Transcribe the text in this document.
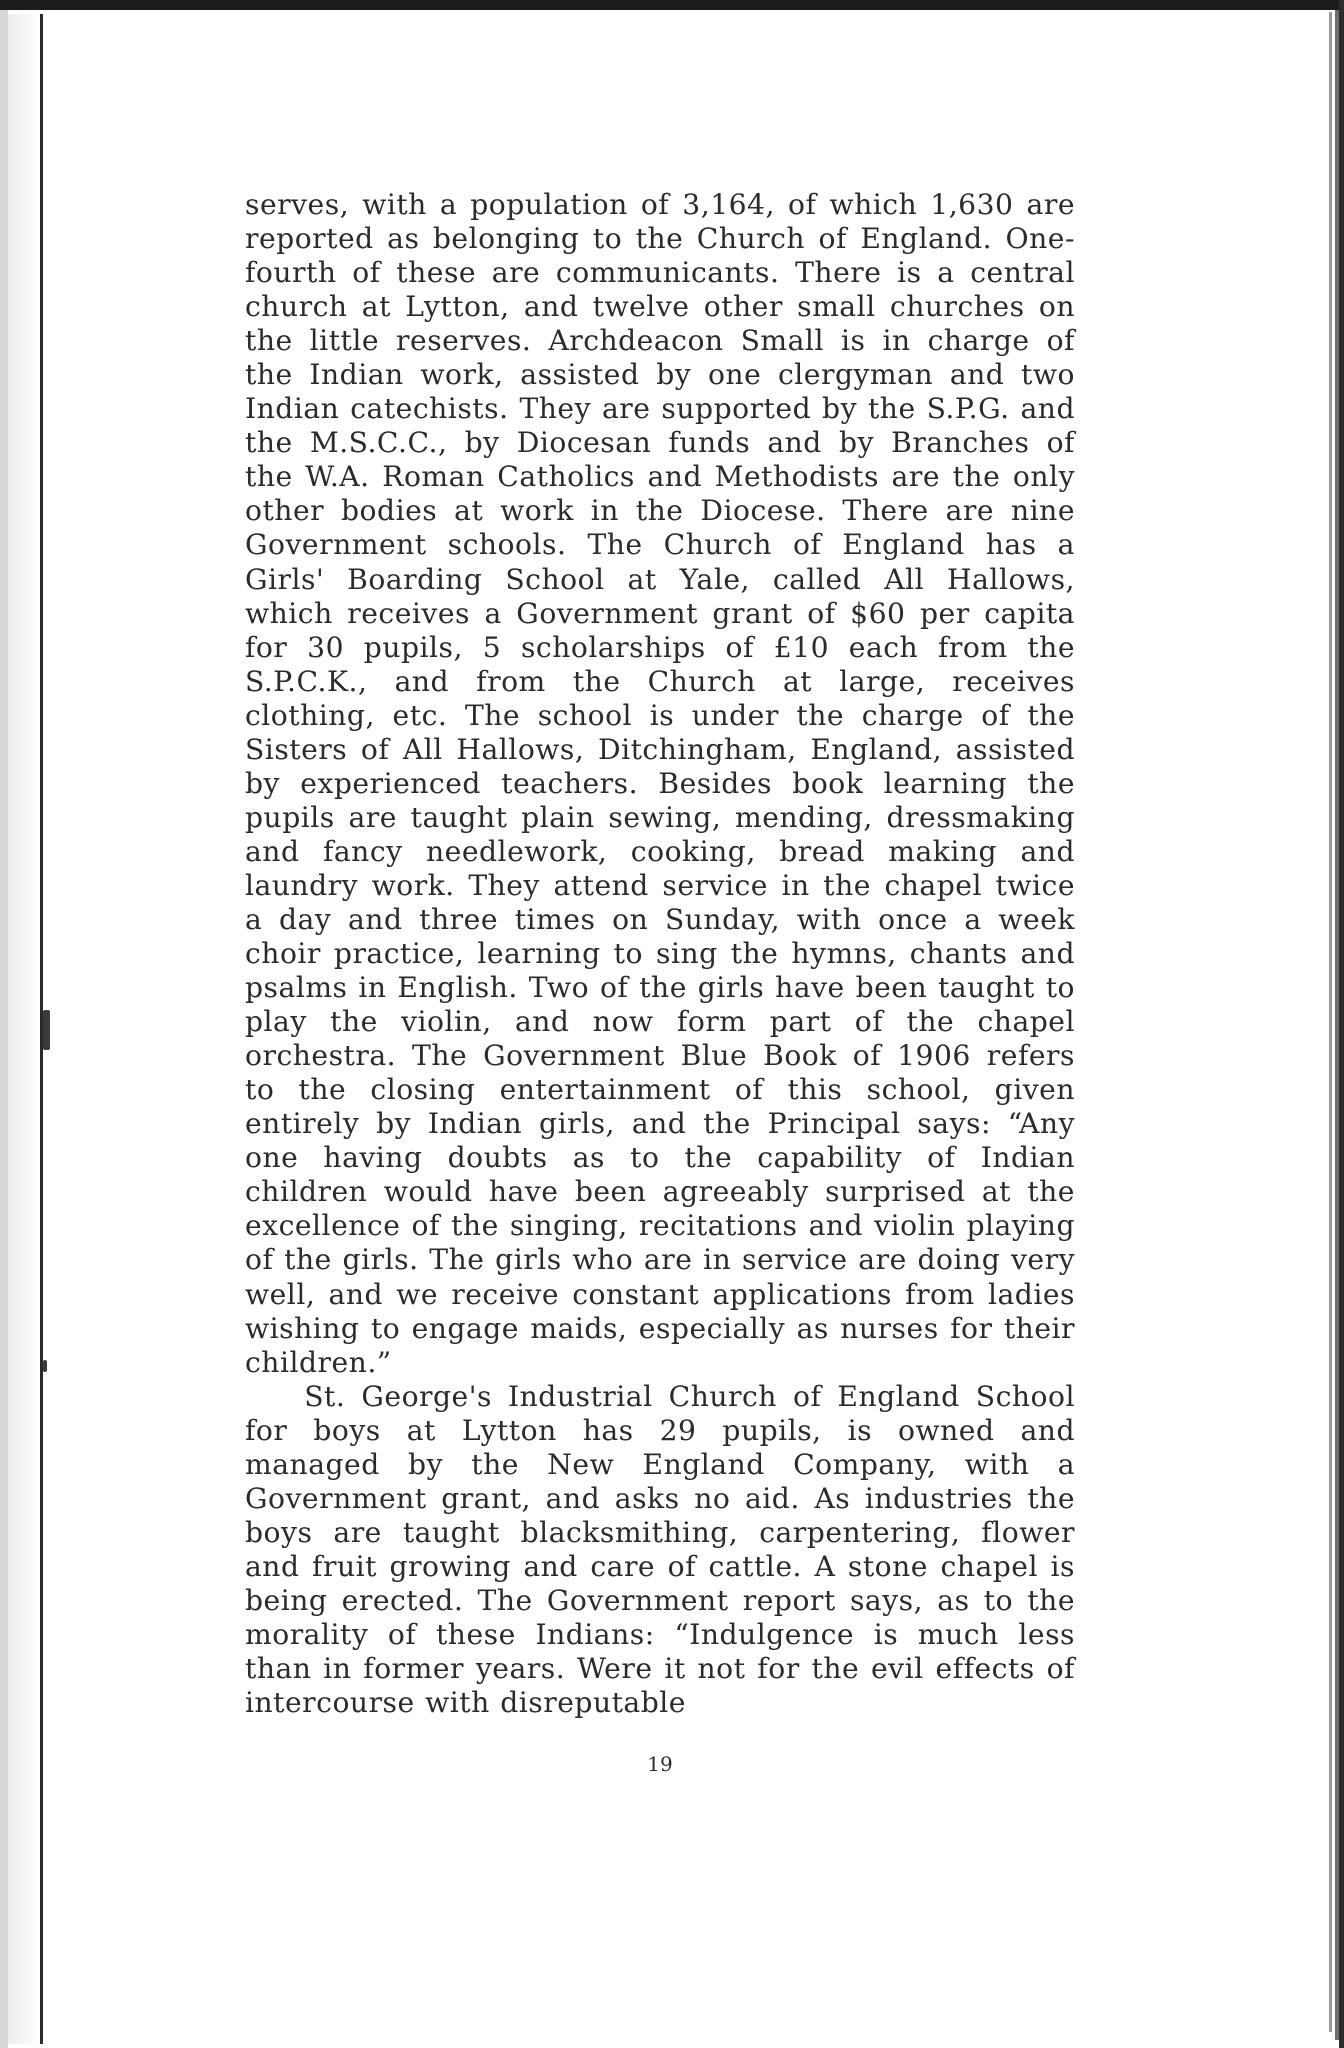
serves, with a population of 3,164, of which 1,630 are reported as belonging to the Church of England. One-fourth of these are communicants. There is a central church at Lytton, and twelve other small churches on the little reserves. Archdeacon Small is in charge of the Indian work, assisted by one clergyman and two Indian catechists. They are supported by the S.P.G. and the M.S.C.C., by Diocesan funds and by Branches of the W.A. Roman Catholics and Methodists are the only other bodies at work in the Diocese. There are nine Government schools. The Church of England has a Girls' Boarding School at Yale, called All Hallows, which receives a Government grant of $60 per capita for 30 pupils, 5 scholarships of £10 each from the S.P.C.K., and from the Church at large, receives clothing, etc. The school is under the charge of the Sisters of All Hallows, Ditchingham, England, assisted by experienced teachers. Besides book learning the pupils are taught plain sewing, mending, dressmaking and fancy needlework, cooking, bread making and laundry work. They attend service in the chapel twice a day and three times on Sunday, with once a week choir practice, learning to sing the hymns, chants and psalms in English. Two of the girls have been taught to play the violin, and now form part of the chapel orchestra. The Government Blue Book of 1906 refers to the closing entertainment of this school, given entirely by Indian girls, and the Principal says: “Any one having doubts as to the capability of Indian children would have been agreeably surprised at the excellence of the singing, recitations and violin playing of the girls. The girls who are in service are doing very well, and we receive constant applications from ladies wishing to engage maids, especially as nurses for their children.”

St. George's Industrial Church of England School for boys at Lytton has 29 pupils, is owned and managed by the New England Company, with a Government grant, and asks no aid. As industries the boys are taught blacksmithing, carpentering, flower and fruit growing and care of cattle. A stone chapel is being erected. The Government report says, as to the morality of these Indians: “Indulgence is much less than in former years. Were it not for the evil effects of intercourse with disreputable

19
